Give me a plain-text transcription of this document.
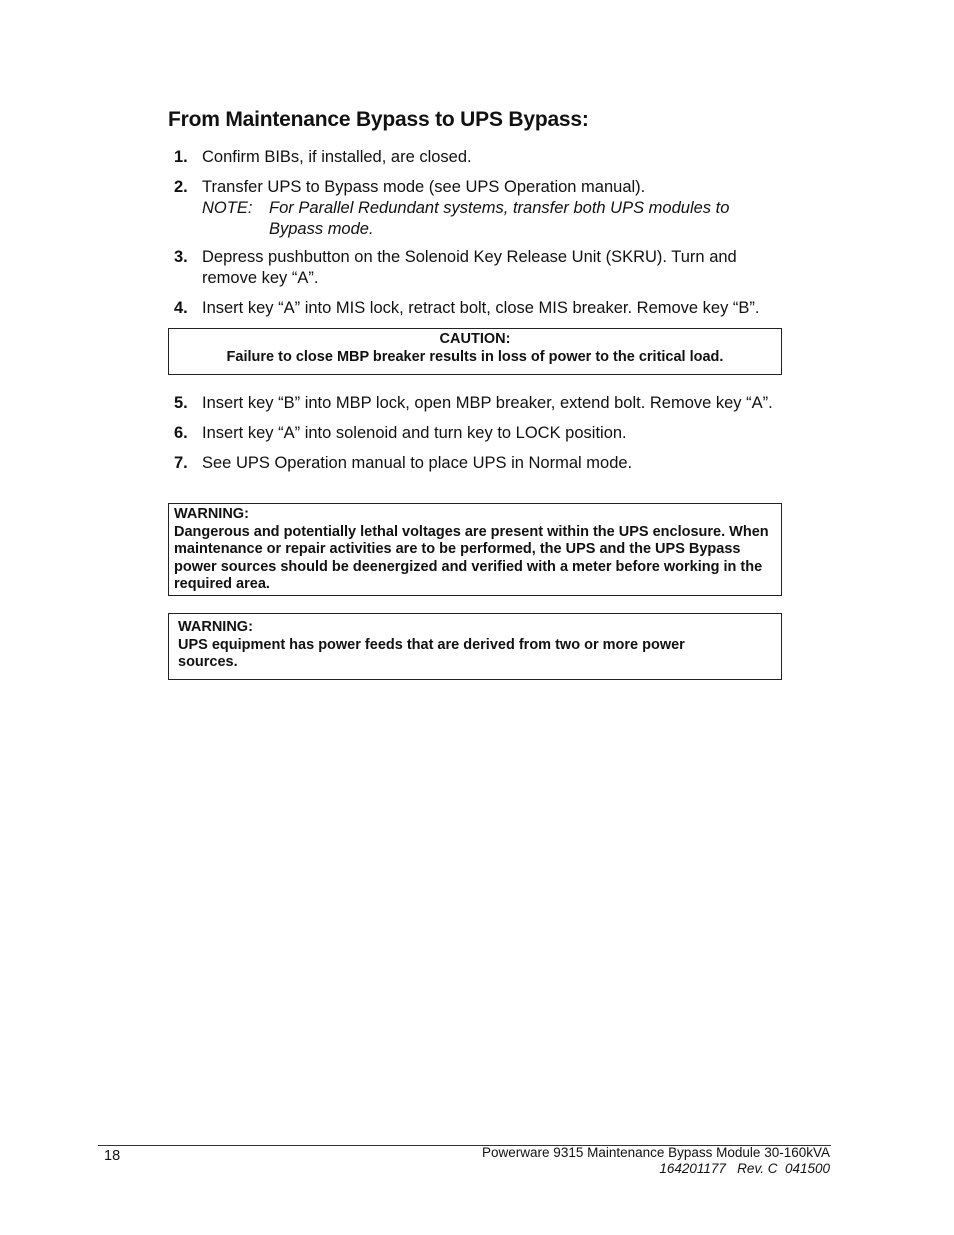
From Maintenance Bypass to UPS Bypass:
1. Confirm BIBs, if installed, are closed.
2. Transfer UPS to Bypass mode (see UPS Operation manual).
NOTE: For Parallel Redundant systems, transfer both UPS modules to Bypass mode.
3. Depress pushbutton on the Solenoid Key Release Unit (SKRU). Turn and remove key “A”.
4. Insert key “A” into MIS lock, retract bolt, close MIS breaker. Remove key “B”.
CAUTION:
Failure to close MBP breaker results in loss of power to the critical load.
5. Insert key “B” into MBP lock, open MBP breaker, extend bolt. Remove key “A”.
6. Insert key “A” into solenoid and turn key to LOCK position.
7. See UPS Operation manual to place UPS in Normal mode.
WARNING:
Dangerous and potentially lethal voltages are present within the UPS enclosure. When maintenance or repair activities are to be performed, the UPS and the UPS Bypass power sources should be deenergized and verified with a meter before working in the required area.
WARNING:
UPS equipment has power feeds that are derived from two or more power sources.
18	Powerware 9315 Maintenance Bypass Module 30-160kVA
164201177   Rev. C  041500
